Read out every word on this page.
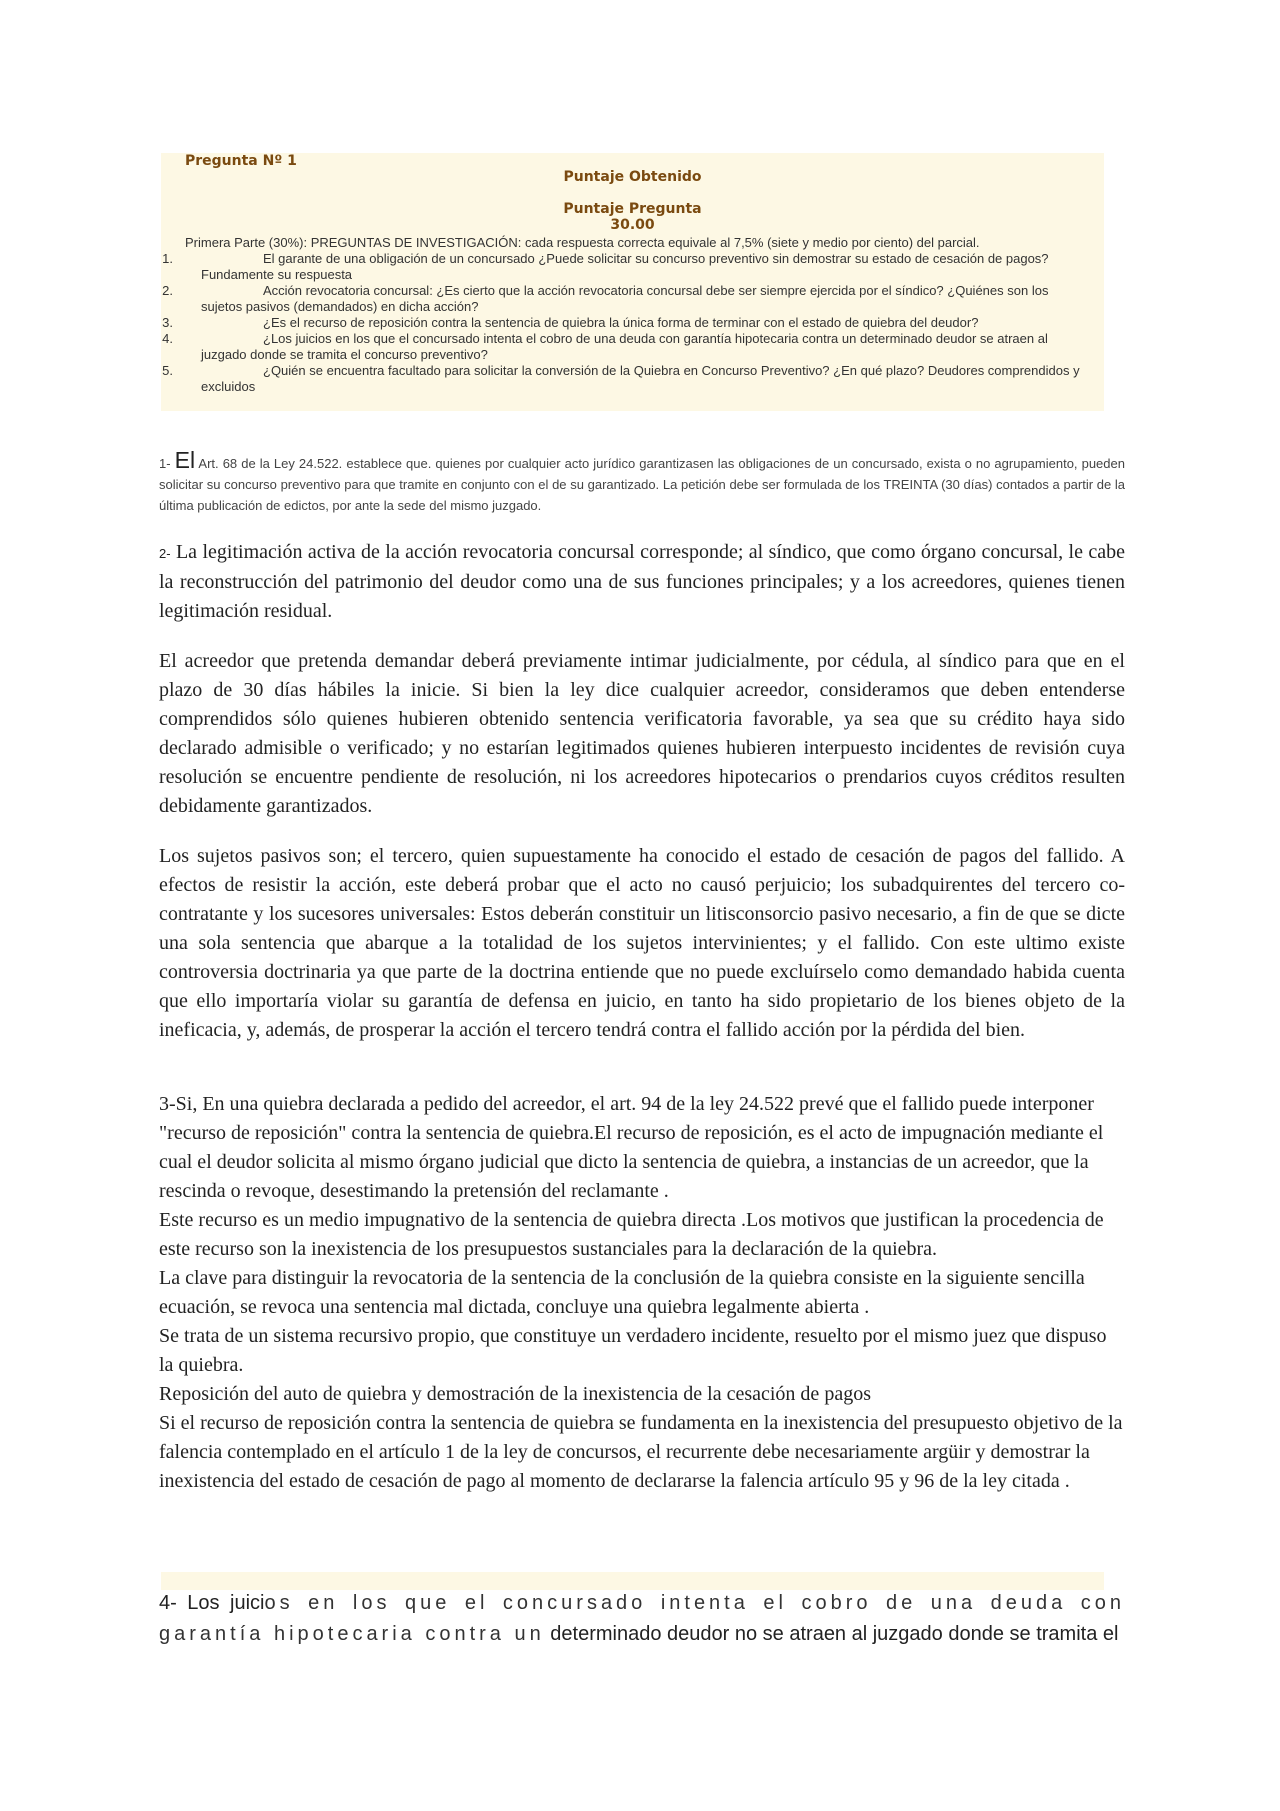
Pregunta Nº 1
Puntaje Obtenido
Puntaje Pregunta
30.00
Primera Parte (30%): PREGUNTAS DE INVESTIGACIÓN: cada respuesta correcta equivale al 7,5% (siete y medio por ciento) del parcial.
1.	El garante de una obligación de un concursado ¿Puede solicitar su concurso preventivo sin demostrar su estado de cesación de pagos? Fundamente su respuesta
2.	Acción revocatoria concursal: ¿Es cierto que la acción revocatoria concursal debe ser siempre ejercida por el síndico? ¿Quiénes son los sujetos pasivos (demandados) en dicha acción?
3.	¿Es el recurso de reposición contra la sentencia de quiebra la única forma de terminar con el estado de quiebra del deudor?
4.	¿Los juicios en los que el concursado intenta el cobro de una deuda con garantía hipotecaria contra un determinado deudor se atraen al juzgado donde se tramita el concurso preventivo?
5.	¿Quién se encuentra facultado para solicitar la conversión de la Quiebra en Concurso Preventivo? ¿En qué plazo? Deudores comprendidos y excluidos

1- El Art. 68 de la Ley 24.522. establece que. quienes por cualquier acto jurídico garantizasen las obligaciones de un concursado, exista o no agrupamiento, pueden solicitar su concurso preventivo para que tramite en conjunto con el de su garantizado. La petición debe ser formulada de los TREINTA (30 días) contados a partir de la última publicación de edictos, por ante la sede del mismo juzgado.

2- La legitimación activa de la acción revocatoria concursal corresponde; al síndico, que como órgano concursal, le cabe la reconstrucción del patrimonio del deudor como una de sus funciones principales; y a los acreedores, quienes tienen legitimación residual.

El acreedor que pretenda demandar deberá previamente intimar judicialmente, por cédula, al síndico para que en el plazo de 30 días hábiles la inicie. Si bien la ley dice cualquier acreedor, consideramos que deben entenderse comprendidos sólo quienes hubieren obtenido sentencia verificatoria favorable, ya sea que su crédito haya sido declarado admisible o verificado; y no estarían legitimados quienes hubieren interpuesto incidentes de revisión cuya resolución se encuentre pendiente de resolución, ni los acreedores hipotecarios o prendarios cuyos créditos resulten debidamente garantizados.

Los sujetos pasivos son; el tercero, quien supuestamente ha conocido el estado de cesación de pagos del fallido. A efectos de resistir la acción, este deberá probar que el acto no causó perjuicio; los subadquirentes del tercero co-contratante y los sucesores universales: Estos deberán constituir un litisconsorcio pasivo necesario, a fin de que se dicte una sola sentencia que abarque a la totalidad de los sujetos intervinientes; y el fallido. Con este ultimo existe controversia doctrinaria ya que parte de la doctrina entiende que no puede excluírselo como demandado habida cuenta que ello importaría violar su garantía de defensa en juicio, en tanto ha sido propietario de los bienes objeto de la ineficacia, y, además, de prosperar la acción el tercero tendrá contra el fallido acción por la pérdida del bien.

3-Si, En una quiebra declarada a pedido del acreedor, el art. 94 de la ley 24.522 prevé que el fallido puede interponer "recurso de reposición" contra la sentencia de quiebra.El recurso de reposición, es el acto de impugnación mediante el cual el deudor solicita al mismo órgano judicial que dicto la sentencia de quiebra, a instancias de un acreedor, que la rescinda o revoque, desestimando la pretensión del reclamante .

Este recurso es un medio impugnativo de la sentencia de quiebra directa .Los motivos que justifican la procedencia de este recurso son la inexistencia de los presupuestos sustanciales para la declaración de la quiebra.

La clave para distinguir la revocatoria de la sentencia de la conclusión de la quiebra consiste en la siguiente sencilla ecuación, se revoca una sentencia mal dictada, concluye una quiebra legalmente abierta .

Se trata de un sistema recursivo propio, que constituye un verdadero incidente, resuelto por el mismo juez que dispuso la quiebra.

Reposición del auto de quiebra y demostración de la inexistencia de la cesación de pagos

Si el recurso de reposición contra la sentencia de quiebra se fundamenta en la inexistencia del presupuesto objetivo de la falencia contemplado en el artículo 1 de la ley de concursos, el recurrente debe necesariamente argüir y demostrar la inexistencia del estado de cesación de pago al momento de declararse la falencia artículo 95 y 96 de la ley citada .

4- Los juicios en los que el concursado intenta el cobro de una deuda con garantía hipotecaria contra un determinado deudor no se atraen al juzgado donde se tramita el
